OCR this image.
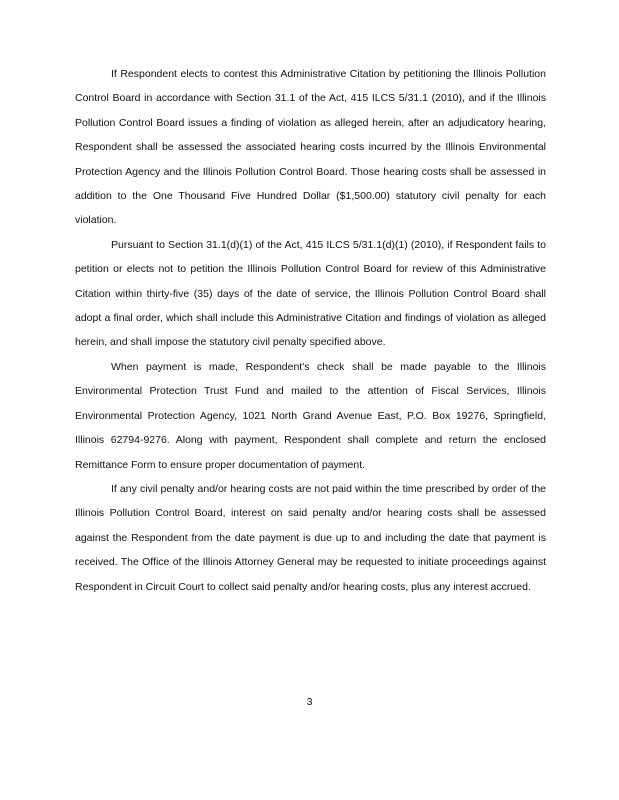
If Respondent elects to contest this Administrative Citation by petitioning the Illinois Pollution Control Board in accordance with Section 31.1 of the Act, 415 ILCS 5/31.1 (2010), and if the Illinois Pollution Control Board issues a finding of violation as alleged herein, after an adjudicatory hearing, Respondent shall be assessed the associated hearing costs incurred by the Illinois Environmental Protection Agency and the Illinois Pollution Control Board. Those hearing costs shall be assessed in addition to the One Thousand Five Hundred Dollar ($1,500.00) statutory civil penalty for each violation.

Pursuant to Section 31.1(d)(1) of the Act, 415 ILCS 5/31.1(d)(1) (2010), if Respondent fails to petition or elects not to petition the Illinois Pollution Control Board for review of this Administrative Citation within thirty-five (35) days of the date of service, the Illinois Pollution Control Board shall adopt a final order, which shall include this Administrative Citation and findings of violation as alleged herein, and shall impose the statutory civil penalty specified above.

When payment is made, Respondent's check shall be made payable to the Illinois Environmental Protection Trust Fund and mailed to the attention of Fiscal Services, Illinois Environmental Protection Agency, 1021 North Grand Avenue East, P.O. Box 19276, Springfield, Illinois 62794-9276. Along with payment, Respondent shall complete and return the enclosed Remittance Form to ensure proper documentation of payment.

If any civil penalty and/or hearing costs are not paid within the time prescribed by order of the Illinois Pollution Control Board, interest on said penalty and/or hearing costs shall be assessed against the Respondent from the date payment is due up to and including the date that payment is received. The Office of the Illinois Attorney General may be requested to initiate proceedings against Respondent in Circuit Court to collect said penalty and/or hearing costs, plus any interest accrued.

3
